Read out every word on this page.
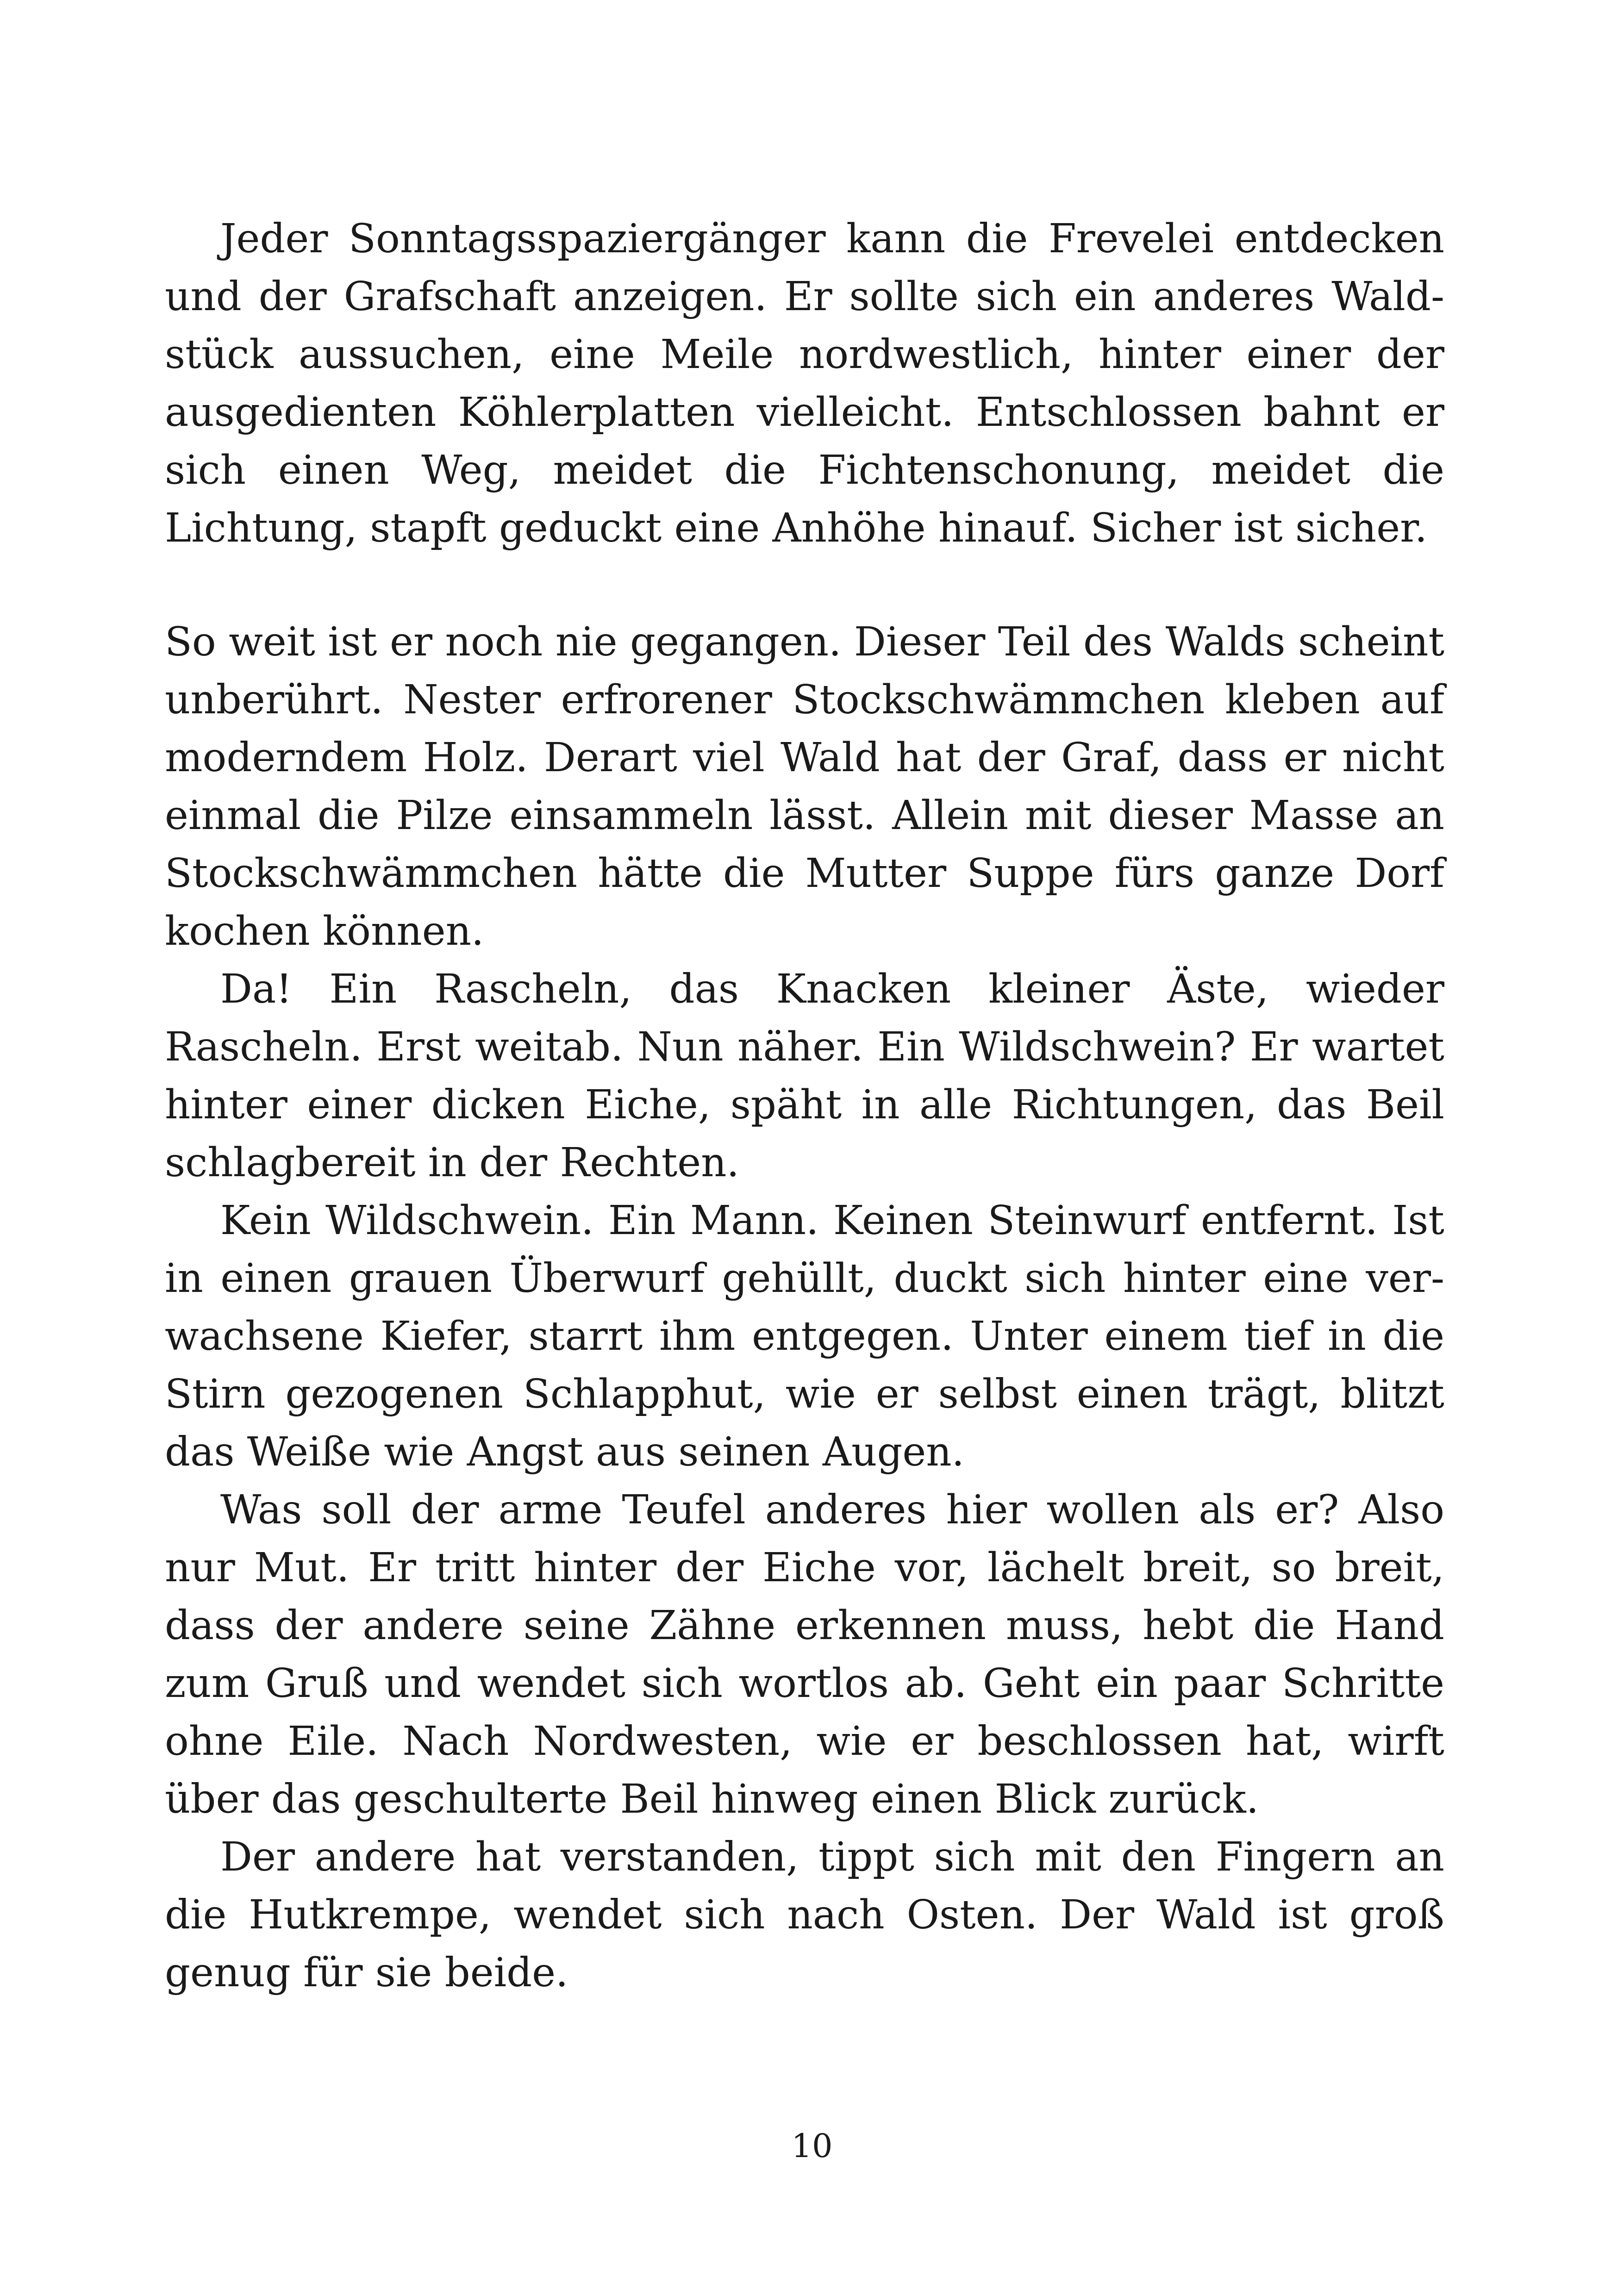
Jeder Sonntagsspaziergänger kann die Frevelei entdecken und der Grafschaft anzeigen. Er sollte sich ein anderes Waldstück aussuchen, eine Meile nordwestlich, hinter einer der ausgedienten Köhlerplatten vielleicht. Entschlossen bahnt er sich einen Weg, meidet die Fichtenschonung, meidet die Lichtung, stapft geduckt eine Anhöhe hinauf. Sicher ist sicher.

So weit ist er noch nie gegangen. Dieser Teil des Walds scheint unberührt. Nester erfrorener Stockschwämmchen kleben auf moderndem Holz. Derart viel Wald hat der Graf, dass er nicht einmal die Pilze einsammeln lässt. Allein mit dieser Masse an Stockschwämmchen hätte die Mutter Suppe fürs ganze Dorf kochen können.

Da! Ein Rascheln, das Knacken kleiner Äste, wieder Rascheln. Erst weitab. Nun näher. Ein Wildschwein? Er wartet hinter einer dicken Eiche, späht in alle Richtungen, das Beil schlagbereit in der Rechten.

Kein Wildschwein. Ein Mann. Keinen Steinwurf entfernt. Ist in einen grauen Überwurf gehüllt, duckt sich hinter eine verwachsene Kiefer, starrt ihm entgegen. Unter einem tief in die Stirn gezogenen Schlapphut, wie er selbst einen trägt, blitzt das Weiße wie Angst aus seinen Augen.

Was soll der arme Teufel anderes hier wollen als er? Also nur Mut. Er tritt hinter der Eiche vor, lächelt breit, so breit, dass der andere seine Zähne erkennen muss, hebt die Hand zum Gruß und wendet sich wortlos ab. Geht ein paar Schritte ohne Eile. Nach Nordwesten, wie er beschlossen hat, wirft über das geschulterte Beil hinweg einen Blick zurück.

Der andere hat verstanden, tippt sich mit den Fingern an die Hutkrempe, wendet sich nach Osten. Der Wald ist groß genug für sie beide.

10
